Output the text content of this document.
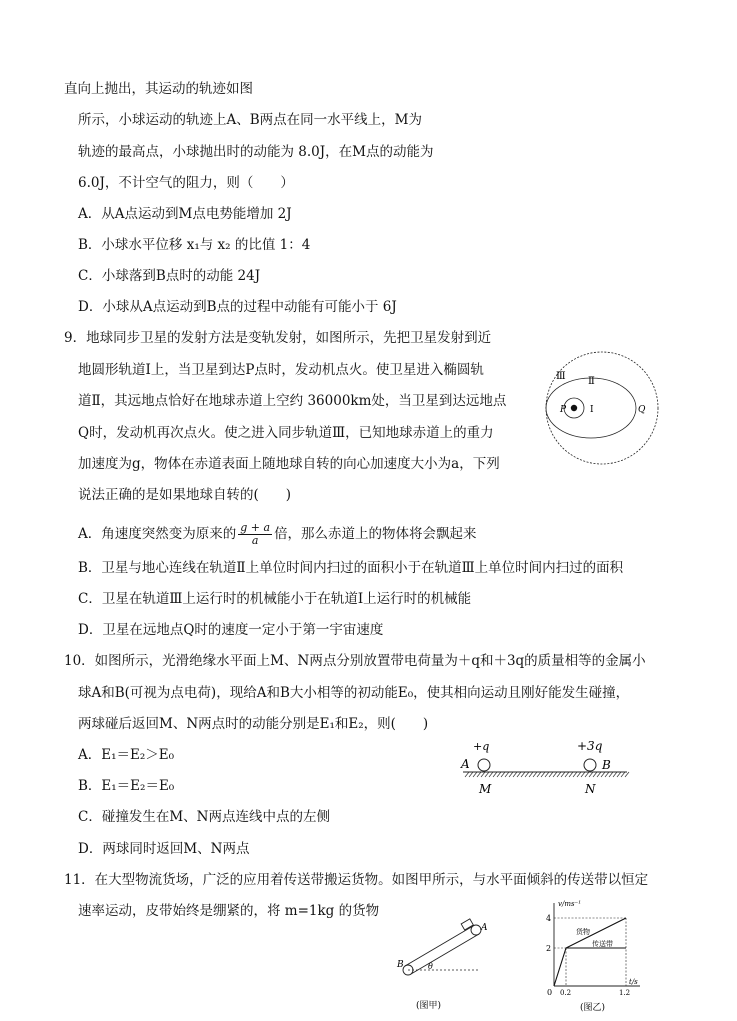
直向上抛出，其运动的轨迹如图
所示，小球运动的轨迹上A、B两点在同一水平线上，M为
轨迹的最高点，小球抛出时的动能为 8.0J，在M点的动能为
6.0J，不计空气的阻力，则（　　）
A．从A点运动到M点电势能增加 2J
B．小球水平位移 x₁与 x₂ 的比值 1：4
C．小球落到B点时的动能 24J
D．小球从A点运动到B点的过程中动能有可能小于 6J
9．地球同步卫星的发射方法是变轨发射，如图所示，先把卫星发射到近
地圆形轨道Ⅰ上，当卫星到达P点时，发动机点火。使卫星进入椭圆轨
道Ⅱ，其远地点恰好在地球赤道上空约 36000km处，当卫星到达远地点
Q时，发动机再次点火。使之进入同步轨道Ⅲ，已知地球赤道上的重力
加速度为g，物体在赤道表面上随地球自转的向心加速度大小为a，下列
说法正确的是如果地球自转的(　　)
A．角速度突然变为原来的 $\frac{g + a}{a}$ 倍，那么赤道上的物体将会飘起来
B．卫星与地心连线在轨道Ⅱ上单位时间内扫过的面积小于在轨道Ⅲ上单位时间内扫过的面积
C．卫星在轨道Ⅲ上运行时的机械能小于在轨道Ⅰ上运行时的机械能
D．卫星在远地点Q时的速度一定小于第一宇宙速度
Ⅲ Ⅱ
I
P	Q
10．如图所示，光滑绝缘水平面上M、N两点分别放置带电荷量为＋q和＋3q的质量相等的金属小
球A和B(可视为点电荷)，现给A和B大小相等的初动能E₀，使其相向运动且刚好能发生碰撞，
两球碰后返回M、N两点时的动能分别是E₁和E₂，则(　　)
A．E₁＝E₂＞E₀
B．E₁＝E₂＝E₀
C．碰撞发生在M、N两点连线中点的左侧
D．两球同时返回M、N两点
+q	+3q
A	B
M	N
11．在大型物流货场，广泛的应用着传送带搬运货物。如图甲所示，与水平面倾斜的传送带以恒定
速率运动，皮带始终是绷紧的，将 m=1kg 的货物
A
B	θ
(图甲)
v/ms⁻¹
t/s
4
2
0 0.2	1.2
货物
传送带
(图乙)
